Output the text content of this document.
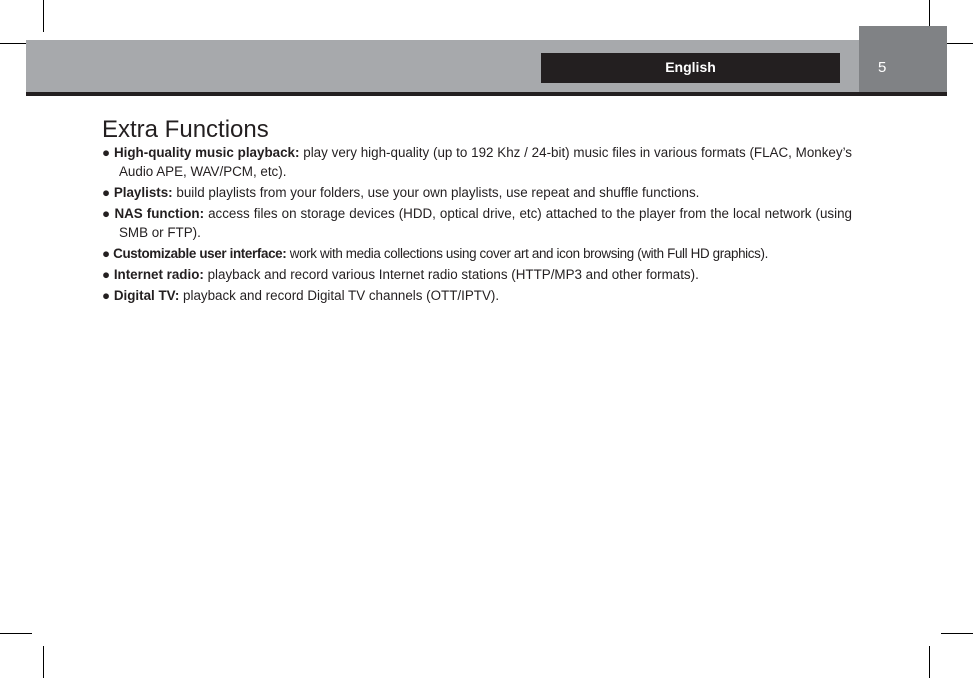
English	5
Extra Functions
● High-quality music playback: play very high-quality (up to 192 Khz / 24-bit) music files in various formats (FLAC, Monkey’s Audio APE, WAV/PCM, etc).
● Playlists: build playlists from your folders, use your own playlists, use repeat and shuffle functions.
● NAS function: access files on storage devices (HDD, optical drive, etc) attached to the player from the local network (using SMB or FTP).
● Customizable user interface: work with media collections using cover art and icon browsing (with Full HD graphics).
● Internet radio: playback and record various Internet radio stations (HTTP/MP3 and other formats).
● Digital TV: playback and record Digital TV channels (OTT/IPTV).
